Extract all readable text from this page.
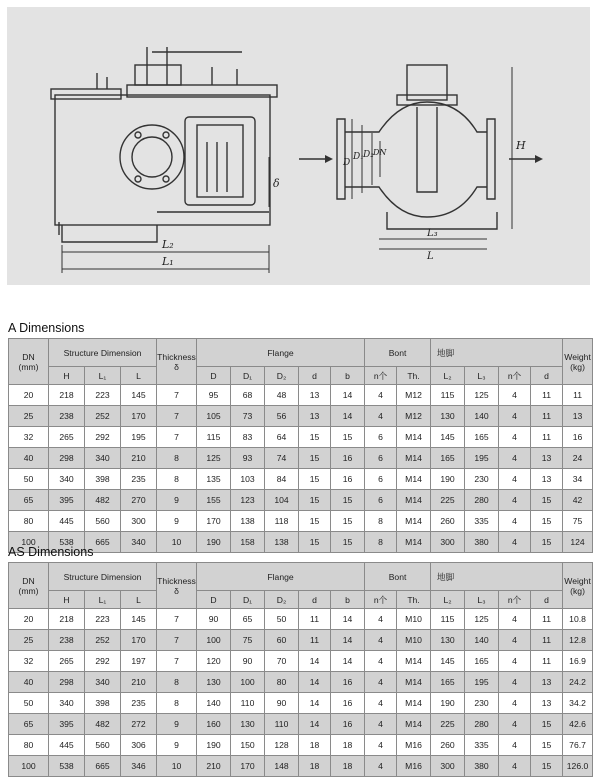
L₂
L₁
δ
D
D₁ D₂ DN
H
L₃
L
A Dimensions
DN
(mm)	Structure Dimension			Thickness
δ	Flange					Bont		地脚				Weight
(kg)
	H	L₁	L		D	D₁	D₂	d	b	n个	Th.	L₂	L₃	n个	d	
20	218	223	145	7	95	68	48	13	14	4	M12	115	125	4	11	11
25	238	252	170	7	105	73	56	13	14	4	M12	130	140	4	11	13
32	265	292	195	7	115	83	64	15	15	6	M14	145	165	4	11	16
40	298	340	210	8	125	93	74	15	16	6	M14	165	195	4	13	24
50	340	398	235	8	135	103	84	15	16	6	M14	190	230	4	13	34
65	395	482	270	9	155	123	104	15	15	6	M14	225	280	4	15	42
80	445	560	300	9	170	138	118	15	15	8	M14	260	335	4	15	75
100	538	665	340	10	190	158	138	15	15	8	M14	300	380	4	15	124
AS Dimensions
DN
(mm)	Structure Dimension			Thickness
δ	Flange					Bont		地脚				Weight
(kg)
	H	L₁	L		D	D₁	D₂	d	b	n个	Th.	L₂	L₃	n个	d	
20	218	223	145	7	90	65	50	11	14	4	M10	115	125	4	11	10.8
25	238	252	170	7	100	75	60	11	14	4	M10	130	140	4	11	12.8
32	265	292	197	7	120	90	70	14	14	4	M14	145	165	4	11	16.9
40	298	340	210	8	130	100	80	14	16	4	M14	165	195	4	13	24.2
50	340	398	235	8	140	110	90	14	16	4	M14	190	230	4	13	34.2
65	395	482	272	9	160	130	110	14	16	4	M14	225	280	4	15	42.6
80	445	560	306	9	190	150	128	18	18	4	M16	260	335	4	15	76.7
100	538	665	346	10	210	170	148	18	18	4	M16	300	380	4	15	126.0
